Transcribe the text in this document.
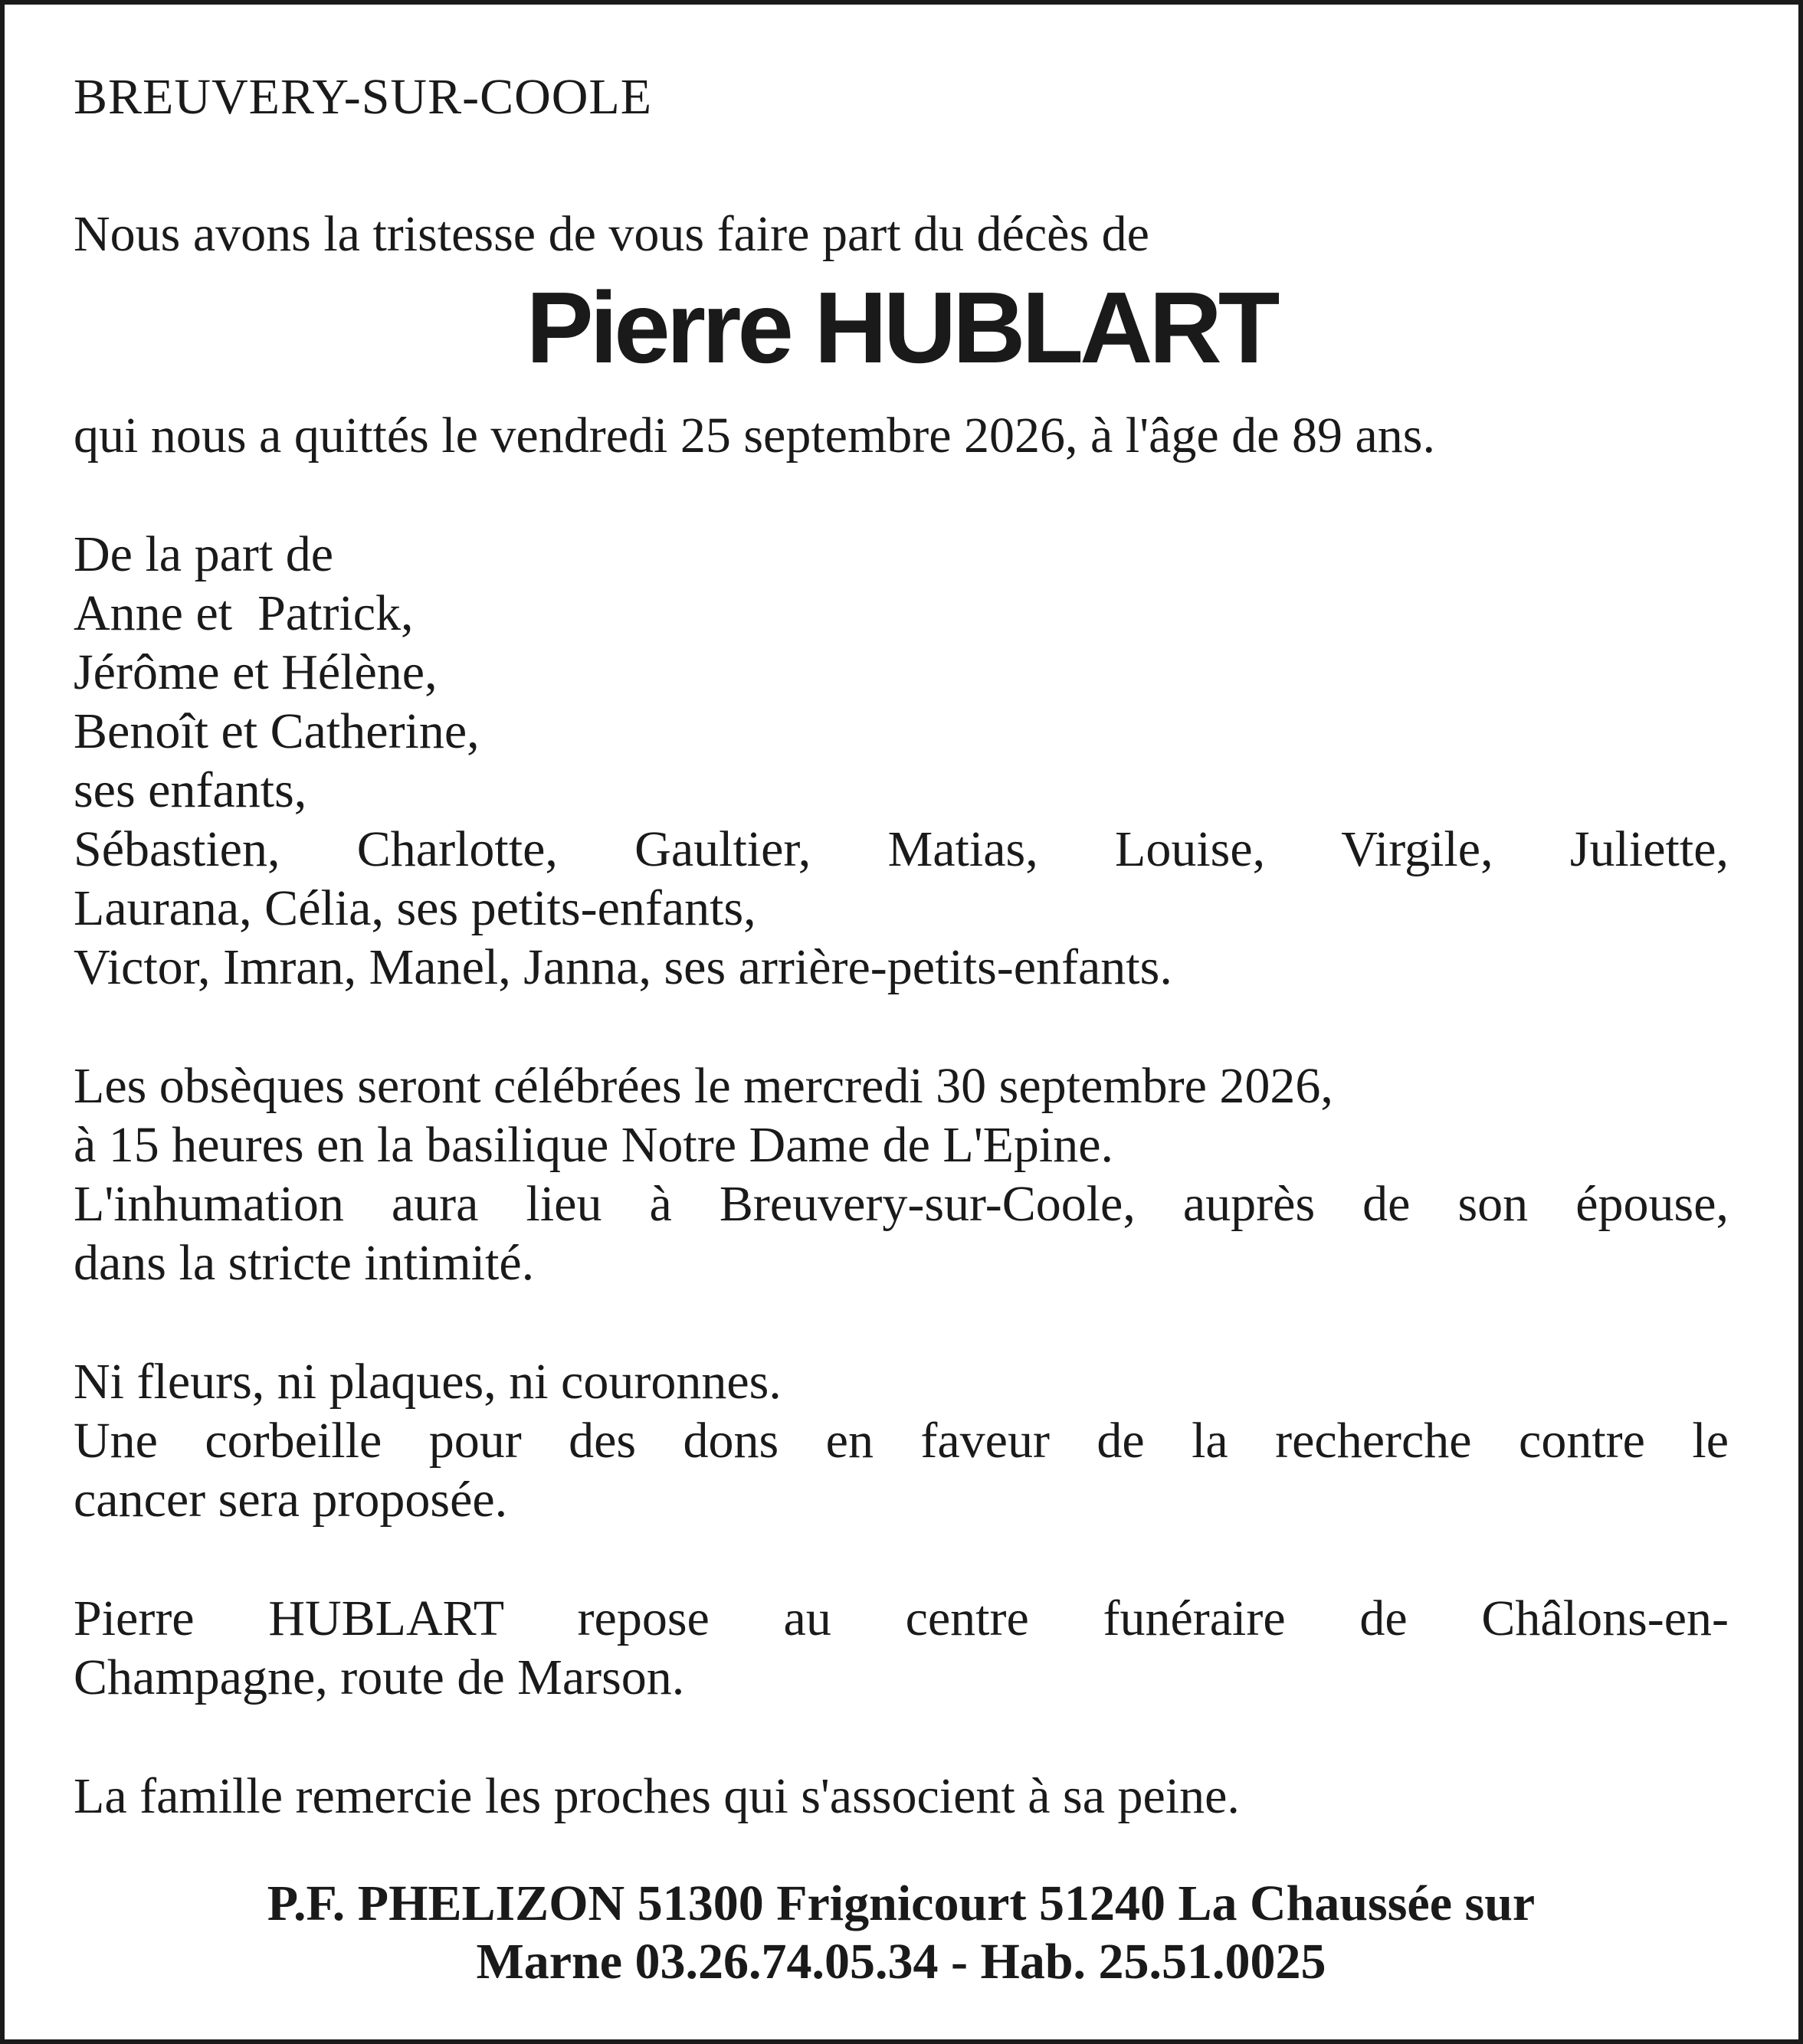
BREUVERY-SUR-COOLE
Nous avons la tristesse de vous faire part du décès de
Pierre HUBLART
qui nous a quittés le vendredi 25 septembre 2026, à l'âge de 89 ans.
De la part de
Anne et  Patrick,
Jérôme et Hélène,
Benoît et Catherine,
ses enfants,
Sébastien, Charlotte, Gaultier, Matias, Louise, Virgile, Juliette,
Laurana, Célia, ses petits-enfants,
Victor, Imran, Manel, Janna, ses arrière-petits-enfants.
Les obsèques seront célébrées le mercredi 30 septembre 2026,
à 15 heures en la basilique Notre Dame de L'Epine.
L'inhumation aura lieu à Breuvery-sur-Coole, auprès de son épouse,
dans la stricte intimité.
Ni fleurs, ni plaques, ni couronnes.
Une corbeille pour des dons en faveur de la recherche contre le
cancer sera proposée.
Pierre HUBLART repose au centre funéraire de Châlons-en-
Champagne, route de Marson.
La famille remercie les proches qui s'associent à sa peine.
P.F. PHELIZON 51300 Frignicourt 51240 La Chaussée sur
Marne 03.26.74.05.34 - Hab. 25.51.0025
